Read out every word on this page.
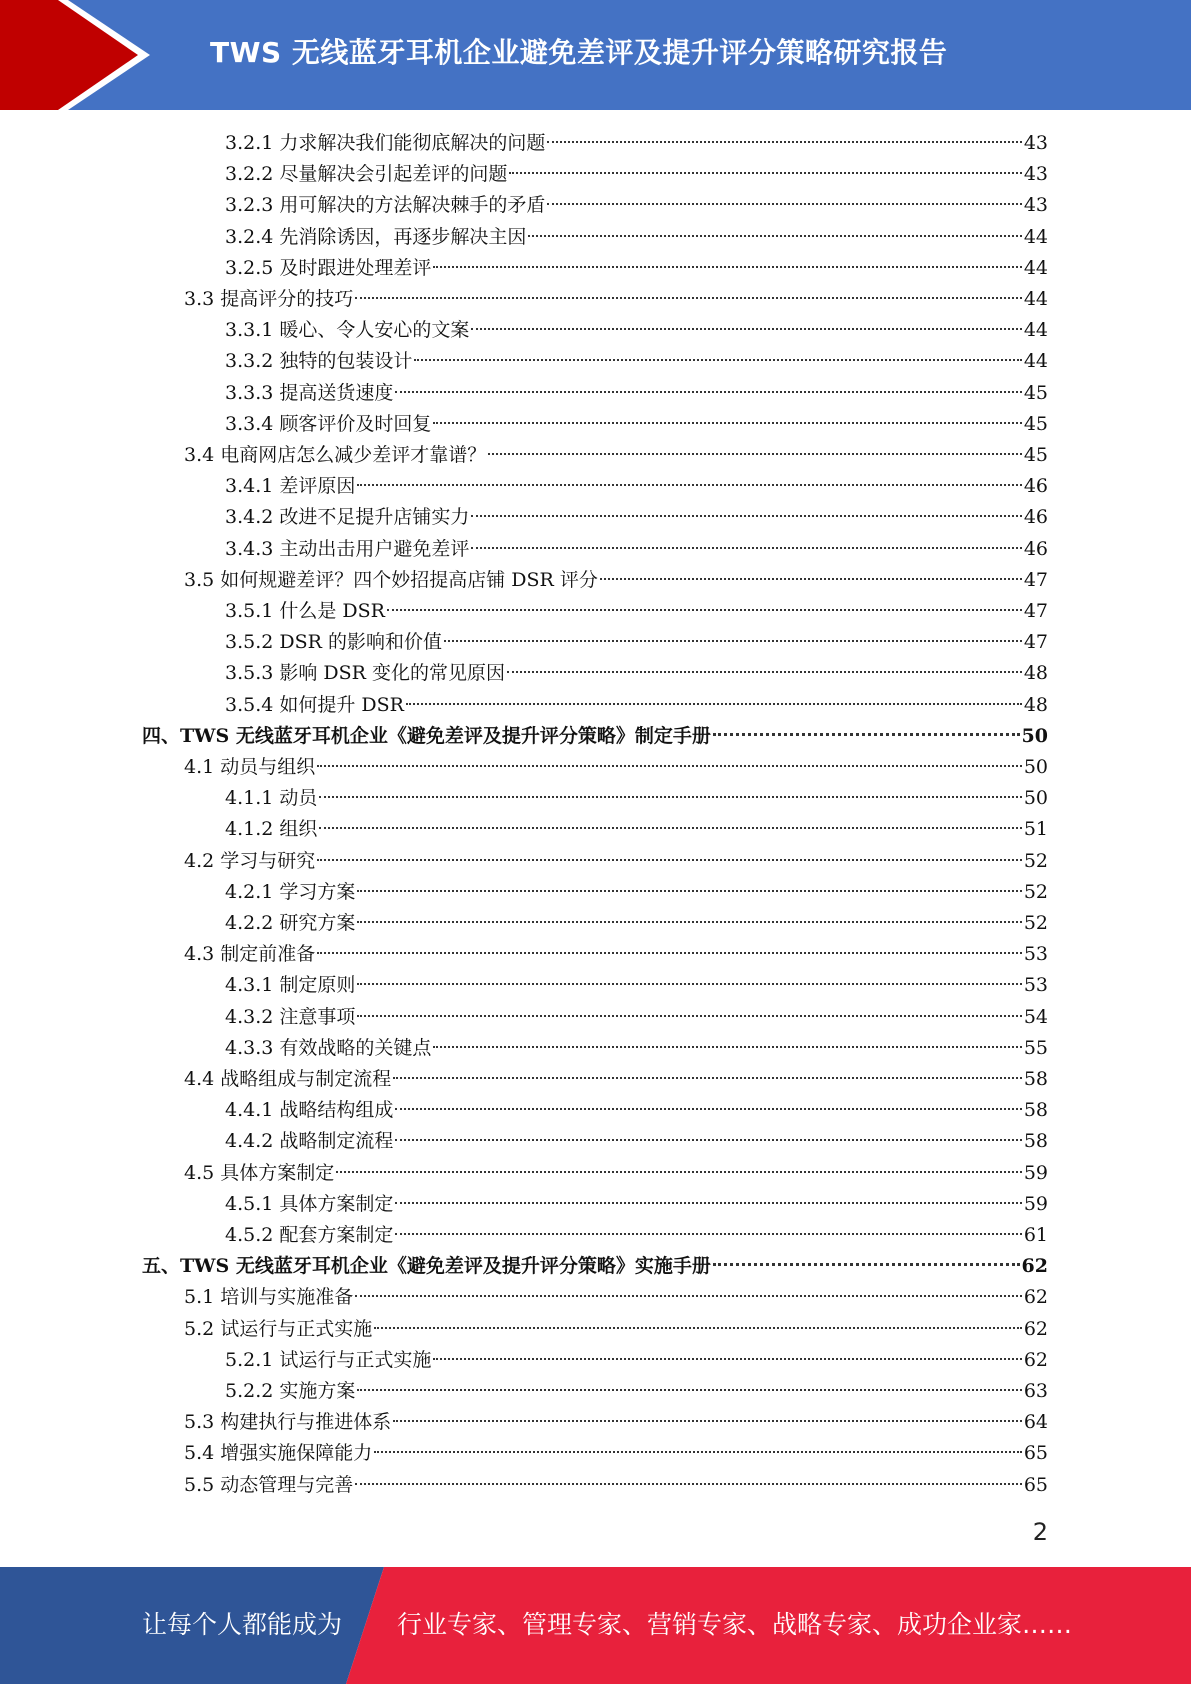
TWS 无线蓝牙耳机企业避免差评及提升评分策略研究报告
3.2.1 力求解决我们能彻底解决的问题	43
3.2.2 尽量解决会引起差评的问题	43
3.2.3 用可解决的方法解决棘手的矛盾	43
3.2.4 先消除诱因，再逐步解决主因	44
3.2.5 及时跟进处理差评	44
3.3 提高评分的技巧	44
3.3.1 暖心、令人安心的文案	44
3.3.2 独特的包装设计	44
3.3.3 提高送货速度	45
3.3.4 顾客评价及时回复	45
3.4 电商网店怎么减少差评才靠谱？	45
3.4.1 差评原因	46
3.4.2 改进不足提升店铺实力	46
3.4.3 主动出击用户避免差评	46
3.5 如何规避差评？四个妙招提高店铺 DSR 评分	47
3.5.1 什么是 DSR	47
3.5.2 DSR 的影响和价值	47
3.5.3 影响 DSR 变化的常见原因	48
3.5.4 如何提升 DSR	48
四、TWS 无线蓝牙耳机企业《避免差评及提升评分策略》制定手册	50
4.1 动员与组织	50
4.1.1 动员	50
4.1.2 组织	51
4.2 学习与研究	52
4.2.1 学习方案	52
4.2.2 研究方案	52
4.3 制定前准备	53
4.3.1 制定原则	53
4.3.2 注意事项	54
4.3.3 有效战略的关键点	55
4.4 战略组成与制定流程	58
4.4.1 战略结构组成	58
4.4.2 战略制定流程	58
4.5 具体方案制定	59
4.5.1 具体方案制定	59
4.5.2 配套方案制定	61
五、TWS 无线蓝牙耳机企业《避免差评及提升评分策略》实施手册	62
5.1 培训与实施准备	62
5.2 试运行与正式实施	62
5.2.1 试运行与正式实施	62
5.2.2 实施方案	63
5.3 构建执行与推进体系	64
5.4 增强实施保障能力	65
5.5 动态管理与完善	65
2
让每个人都能成为 行业专家、管理专家、营销专家、战略专家、成功企业家……
